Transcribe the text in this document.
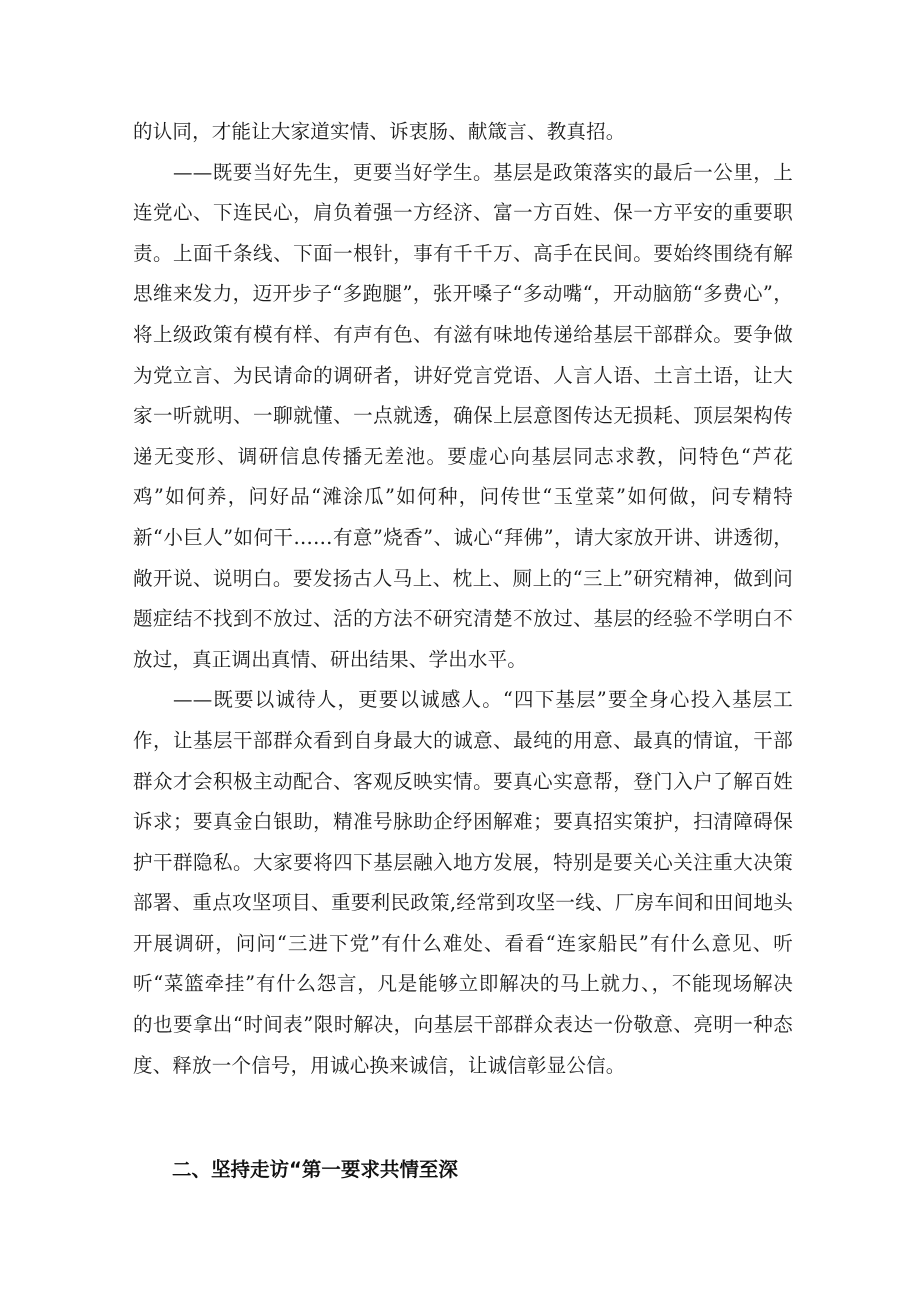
的认同，才能让大家道实情、诉衷肠、献箴言、教真招。

——既要当好先生，更要当好学生。基层是政策落实的最后一公里，上连党心、下连民心，肩负着强一方经济、富一方百姓、保一方平安的重要职责。上面千条线、下面一根针，事有千千万、高手在民间。要始终围绕有解思维来发力，迈开步子“多跑腿”，张开嗓子“多动嘴“，开动脑筋“多费心”，将上级政策有模有样、有声有色、有滋有味地传递给基层干部群众。要争做为党立言、为民请命的调研者，讲好党言党语、人言人语、土言土语，让大家一听就明、一聊就懂、一点就透，确保上层意图传达无损耗、顶层架构传递无变形、调研信息传播无差池。要虚心向基层同志求教，问特色“芦花鸡”如何养，问好品“滩涂瓜”如何种，问传世“玉堂菜”如何做，问专精特新“小巨人”如何干……有意”烧香”、诚心“拜佛”，请大家放开讲、讲透彻，敞开说、说明白。要发扬古人马上、枕上、厕上的“三上”研究精神，做到问题症结不找到不放过、活的方法不研究清楚不放过、基层的经验不学明白不放过，真正调出真情、研出结果、学出水平。

——既要以诚待人，更要以诚感人。“四下基层”要全身心投入基层工作，让基层干部群众看到自身最大的诚意、最纯的用意、最真的情谊，干部群众才会积极主动配合、客观反映实情。要真心实意帮，登门入户了解百姓诉求；要真金白银助，精准号脉助企纾困解难；要真招实策护，扫清障碍保护干群隐私。大家要将四下基层融入地方发展，特别是要关心关注重大决策部署、重点攻坚项目、重要利民政策,经常到攻坚一线、厂房车间和田间地头开展调研，问问“三进下党”有什么难处、看看“连家船民”有什么意见、听听“菜篮牵挂”有什么怨言，凡是能够立即解决的马上就力、，不能现场解决的也要拿出“时间表”限时解决，向基层干部群众表达一份敬意、亮明一种态度、释放一个信号，用诚心换来诚信，让诚信彰显公信。

二、坚持走访“第一要求共情至深
